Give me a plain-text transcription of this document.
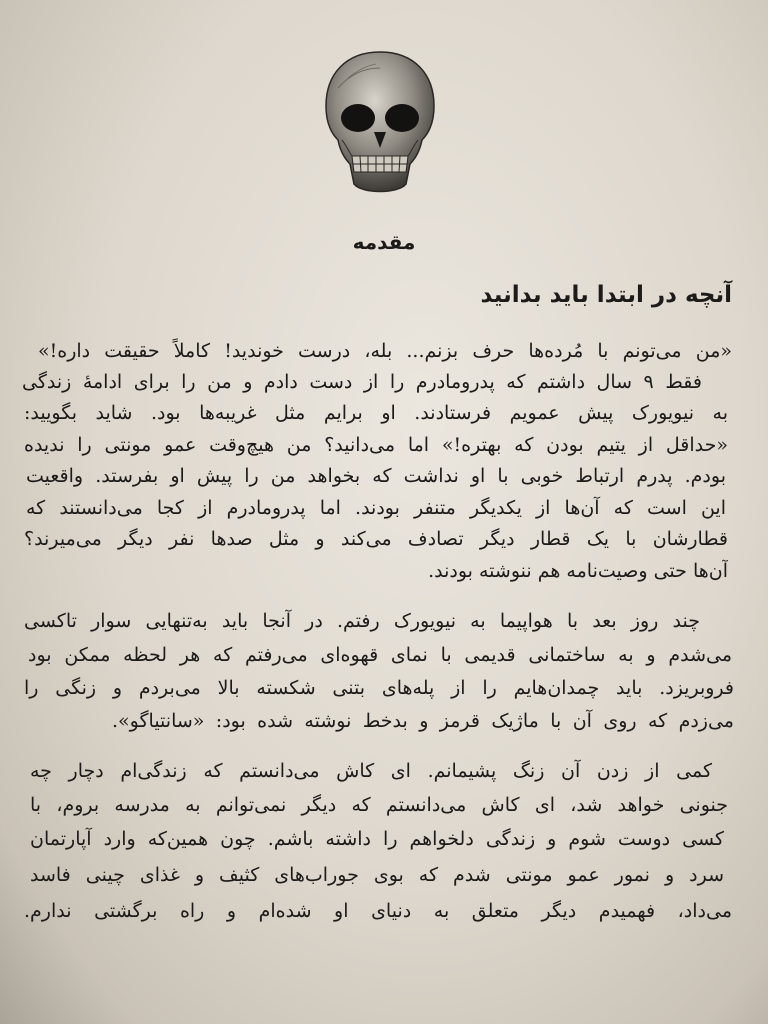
مقدمه
آنچه در ابتدا باید بدانید
«من می‌تونم با مُرده‌ها حرف بزنم... بله، درست خوندید! کاملاً حقیقت داره!»
فقط ۹ سال داشتم که پدرومادرم را از دست دادم و من را برای ادامهٔ زندگی
به نیویورک پیش عمویم فرستادند. او برایم مثل غریبه‌ها بود. شاید بگویید:
«حداقل از یتیم بودن که بهتره!» اما می‌دانید؟ من هیچ‌وقت عمو مونتی را ندیده
بودم. پدرم ارتباط خوبی با او نداشت که بخواهد من را پیش او بفرستد. واقعیت
این است که آن‌ها از یکدیگر متنفر بودند. اما پدرومادرم از کجا می‌دانستند که
قطارشان با یک قطار دیگر تصادف می‌کند و مثل صدها نفر دیگر می‌میرند؟
آن‌ها حتی وصیت‌نامه هم ننوشته بودند.
چند روز بعد با هواپیما به نیویورک رفتم. در آنجا باید به‌تنهایی سوار تاکسی
می‌شدم و به ساختمانی قدیمی با نمای قهوه‌ای می‌رفتم که هر لحظه ممکن بود
فروبریزد. باید چمدان‌هایم را از پله‌های بتنی شکسته بالا می‌بردم و زنگی را
می‌زدم که روی آن با ماژیک قرمز و بدخط نوشته شده بود: «سانتیاگو».
کمی از زدن آن زنگ پشیمانم. ای کاش می‌دانستم که زندگی‌ام دچار چه
جنونی خواهد شد، ای کاش می‌دانستم که دیگر نمی‌توانم به مدرسه بروم، با
کسی دوست شوم و زندگی دلخواهم را داشته باشم. چون همین‌که وارد آپارتمان
سرد و نمور عمو مونتی شدم که بوی جوراب‌های کثیف و غذای چینی فاسد
می‌داد، فهمیدم دیگر متعلق به دنیای او شده‌ام و راه برگشتی ندارم.
